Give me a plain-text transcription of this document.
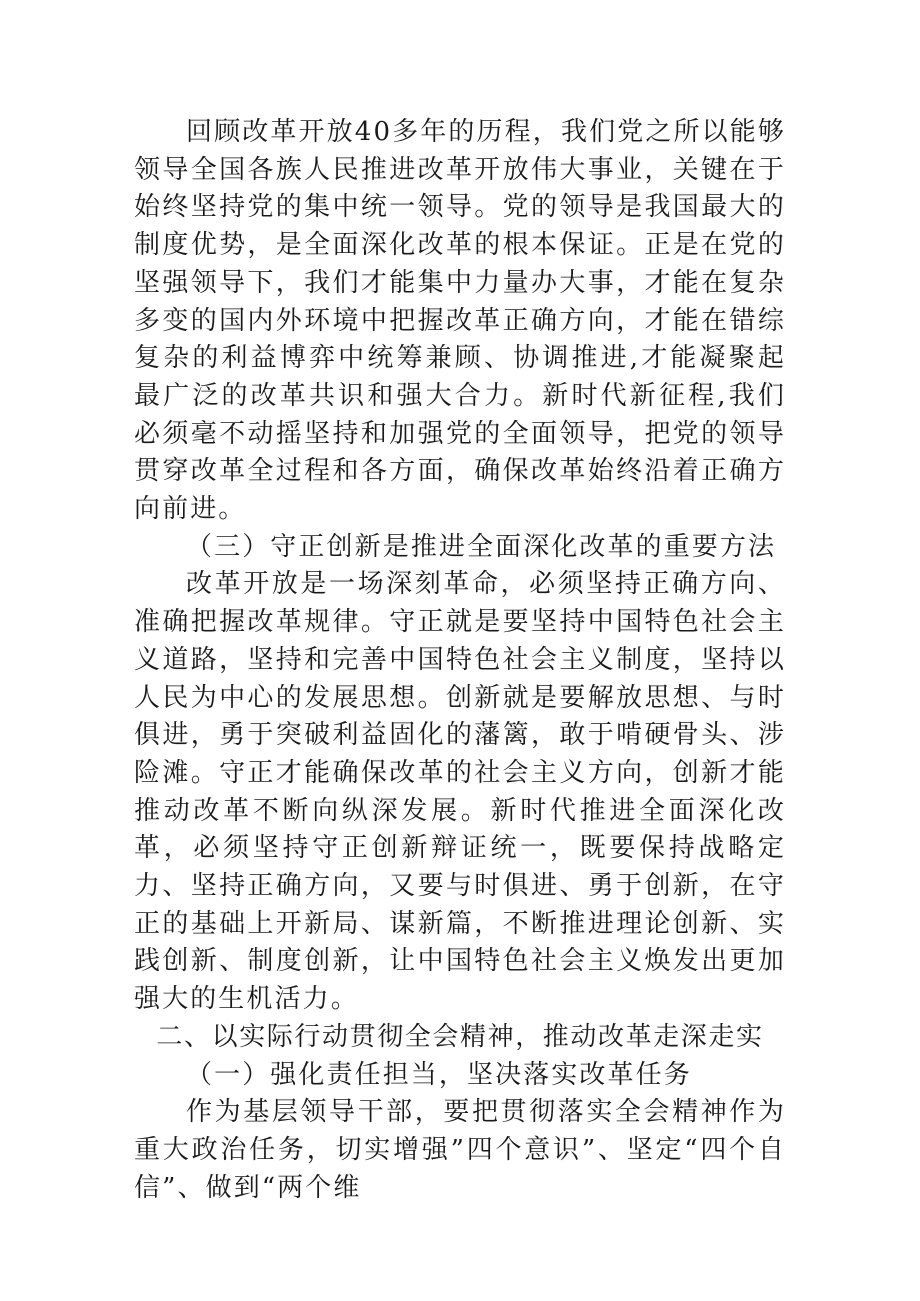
回顾改革开放40多年的历程，我们党之所以能够领导全国各族人民推进改革开放伟大事业，关键在于始终坚持党的集中统一领导。党的领导是我国最大的制度优势，是全面深化改革的根本保证。正是在党的坚强领导下，我们才能集中力量办大事，才能在复杂多变的国内外环境中把握改革正确方向，才能在错综复杂的利益博弈中统筹兼顾、协调推进,才能凝聚起最广泛的改革共识和强大合力。新时代新征程,我们必须毫不动摇坚持和加强党的全面领导，把党的领导贯穿改革全过程和各方面，确保改革始终沿着正确方向前进。

（三）守正创新是推进全面深化改革的重要方法

改革开放是一场深刻革命，必须坚持正确方向、准确把握改革规律。守正就是要坚持中国特色社会主义道路，坚持和完善中国特色社会主义制度，坚持以人民为中心的发展思想。创新就是要解放思想、与时俱进，勇于突破利益固化的藩篱，敢于啃硬骨头、涉险滩。守正才能确保改革的社会主义方向，创新才能推动改革不断向纵深发展。新时代推进全面深化改革，必须坚持守正创新辩证统一，既要保持战略定力、坚持正确方向，又要与时俱进、勇于创新，在守正的基础上开新局、谋新篇，不断推进理论创新、实践创新、制度创新，让中国特色社会主义焕发出更加强大的生机活力。

二、以实际行动贯彻全会精神，推动改革走深走实

（一）强化责任担当，坚决落实改革任务

作为基层领导干部，要把贯彻落实全会精神作为重大政治任务，切实增强”四个意识”、坚定“四个自信”、做到“两个维
